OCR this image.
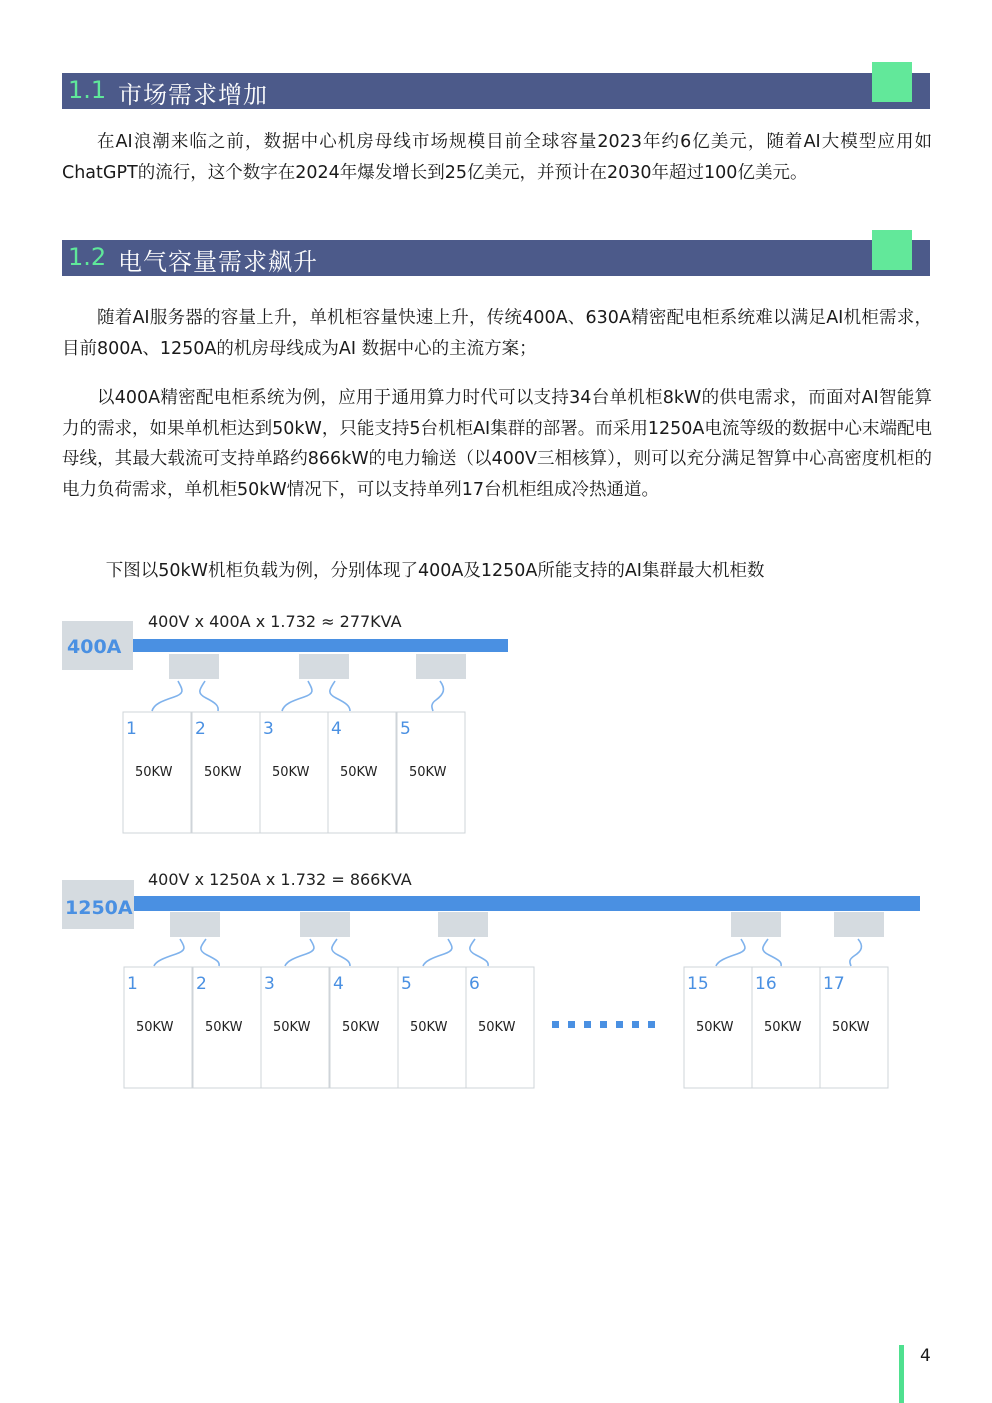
1.1 市场需求增加

在AI浪潮来临之前，数据中心机房母线市场规模目前全球容量2023年约6亿美元，随着AI大模型应用如ChatGPT的流行，这个数字在2024年爆发增长到25亿美元，并预计在2030年超过100亿美元。

1.2 电气容量需求飙升

随着AI服务器的容量上升，单机柜容量快速上升，传统400A、630A精密配电柜系统难以满足AI机柜需求，目前800A、1250A的机房母线成为AI 数据中心的主流方案；

以400A精密配电柜系统为例，应用于通用算力时代可以支持34台单机柜8kW的供电需求，而面对AI智能算力的需求，如果单机柜达到50kW，只能支持5台机柜AI集群的部署。而采用1250A电流等级的数据中心末端配电母线，其最大载流可支持单路约866kW的电力输送（以400V三相核算），则可以充分满足智算中心高密度机柜的电力负荷需求，单机柜50kW情况下，可以支持单列17台机柜组成冷热通道。

下图以50kW机柜负载为例，分别体现了400A及1250A所能支持的AI集群最大机柜数

400A
400V x 400A x 1.732 ≈ 277KVA
1
50KW
2
50KW
3
50KW
4
50KW
5
50KW
1250A
400V x 1250A x 1.732 = 866KVA
1
50KW
2
50KW
3
50KW
4
50KW
5
50KW
6
50KW
15
50KW
16
50KW
17
50KW
4
